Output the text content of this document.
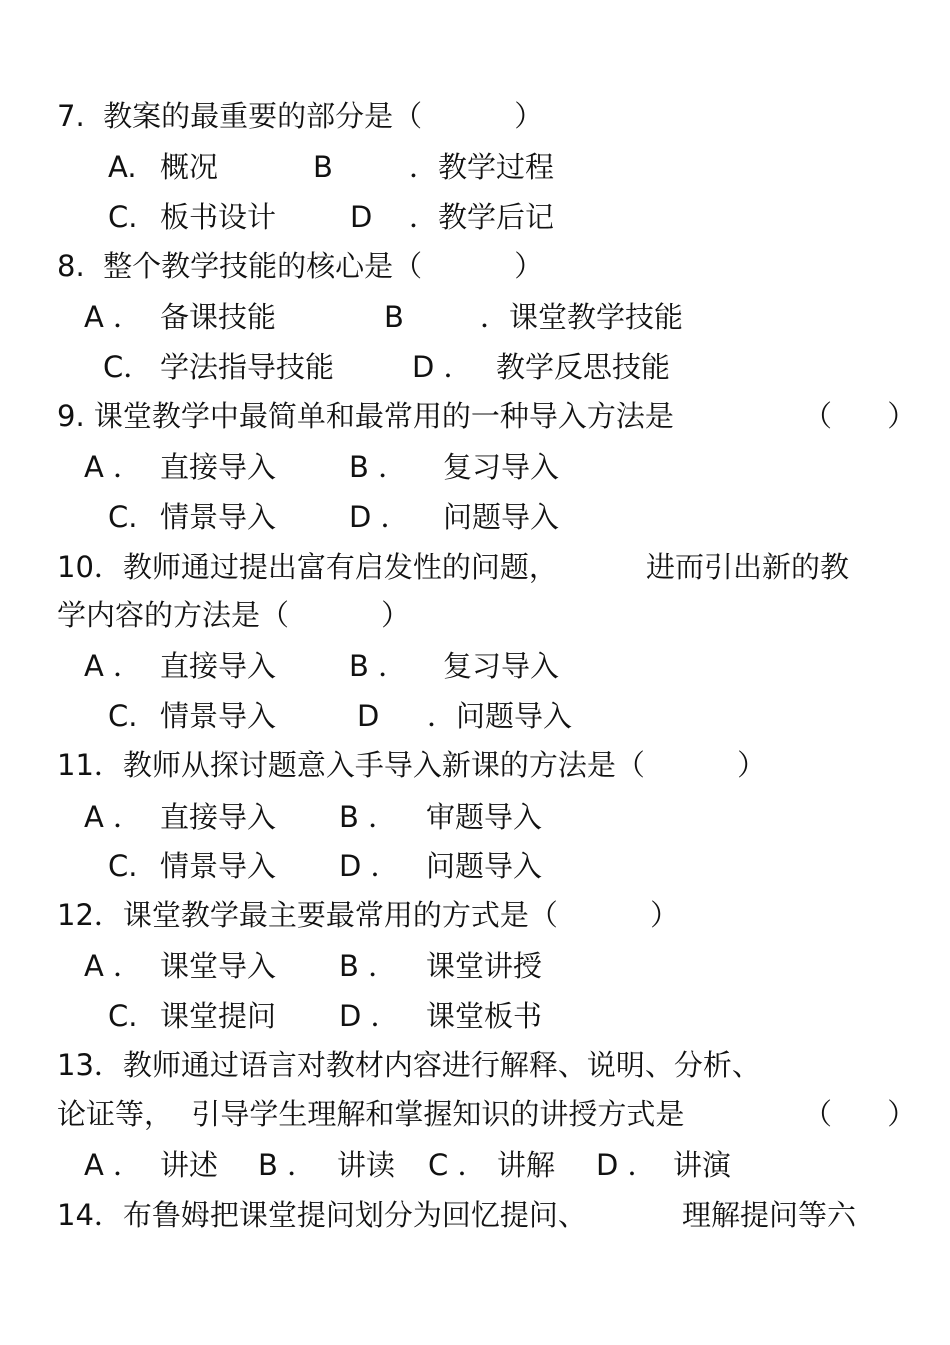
7.  教案的最重要的部分是（          ）
A. 概况	B	．教学过程
C. 板书设计	D ．教学后记
8.  整个教学技能的核心是（          ）
A ． 备课技能	B	．课堂教学技能
C． 学法指导技能	D ． 教学反思技能
9. 课堂教学中最简单和最常用的一种导入方法是	（      ）
A ． 直接导入	B ． 复习导入
C. 情景导入	D ． 问题导入
10．教师通过提出富有启发性的问题，	进而引出新的教
学内容的方法是（          ）
A ． 直接导入	B ． 复习导入
C. 情景导入	D ．问题导入
11．教师从探讨题意入手导入新课的方法是（          ）
A ． 直接导入 B ． 审题导入
C. 情景导入 D ． 问题导入
12．课堂教学最主要最常用的方式是（          ）
A ． 课堂导入 B ． 课堂讲授
C. 课堂提问 D ． 课堂板书
13．教师通过语言对教材内容进行解释、说明、分析、
论证等，  引导学生理解和掌握知识的讲授方式是	（      ）
A ． 讲述 B ． 讲读 C ． 讲解 D ． 讲演
14．布鲁姆把课堂提问划分为回忆提问、	理解提问等六
